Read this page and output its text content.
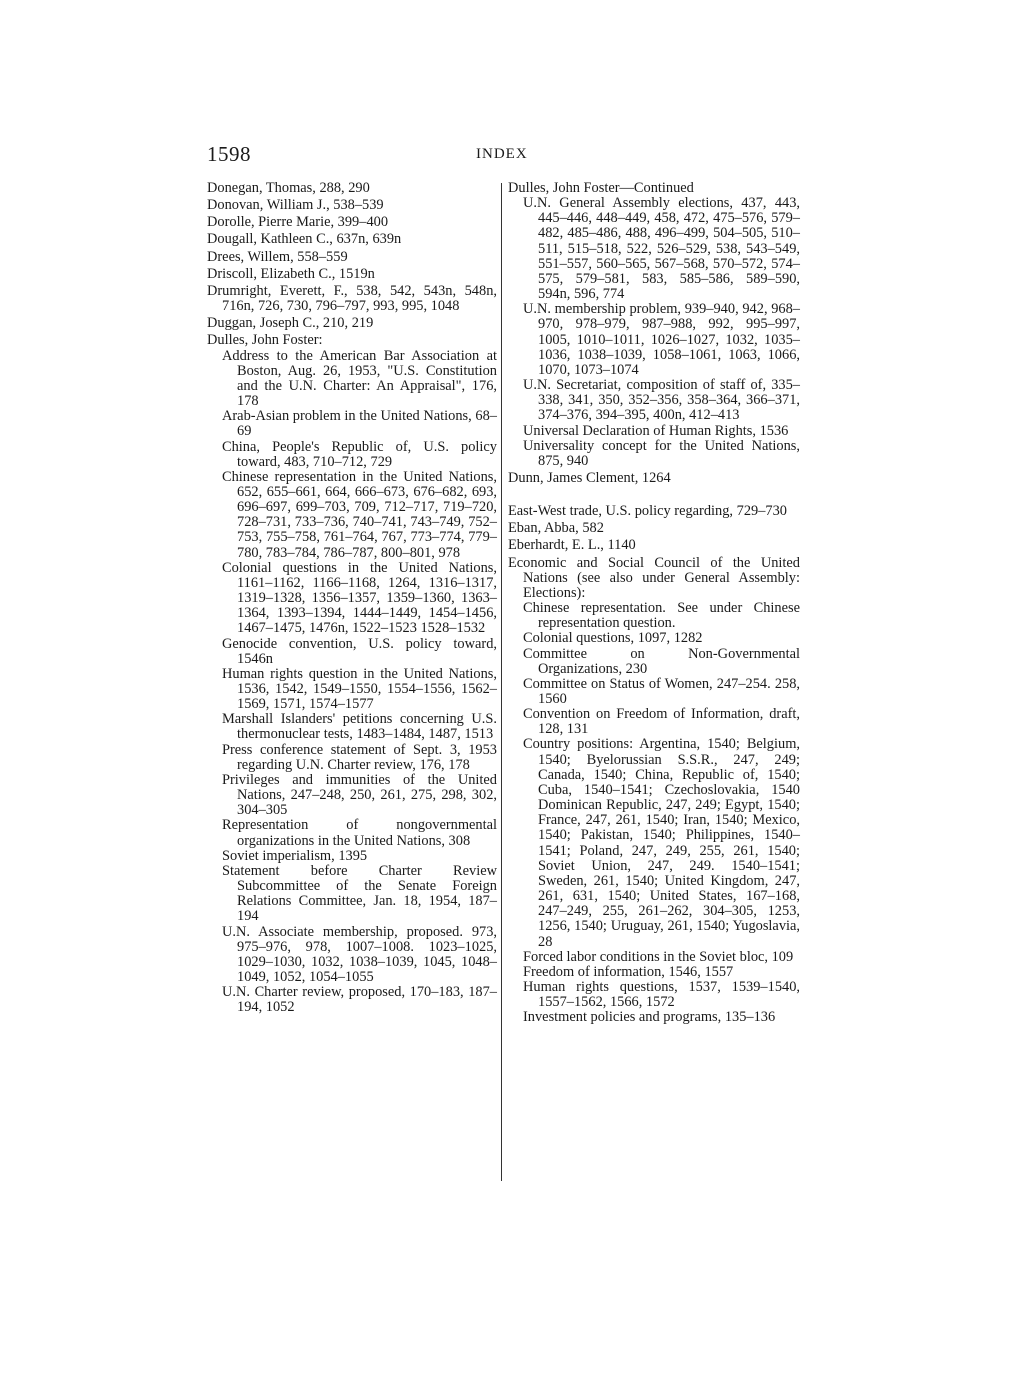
1598	INDEX

Donegan, Thomas, 288, 290

Donovan, William J., 538–539

Dorolle, Pierre Marie, 399–400

Dougall, Kathleen C., 637n, 639n

Drees, Willem, 558–559

Driscoll, Elizabeth C., 1519n

Drumright, Everett, F., 538, 542, 543n, 548n, 716n, 726, 730, 796–797, 993, 995, 1048

Duggan, Joseph C., 210, 219

Dulles, John Foster:

Address to the American Bar Association at Boston, Aug. 26, 1953, "U.S. Constitution and the U.N. Charter: An Appraisal", 176, 178

Arab-Asian problem in the United Nations, 68–69

China, People's Republic of, U.S. policy toward, 483, 710–712, 729

Chinese representation in the United Nations, 652, 655–661, 664, 666–673, 676–682, 693, 696–697, 699–703, 709, 712–717, 719–720, 728–731, 733–736, 740–741, 743–749, 752–753, 755–758, 761–764, 767, 773–774, 779–780, 783–784, 786–787, 800–801, 978

Colonial questions in the United Nations, 1161–1162, 1166–1168, 1264, 1316–1317, 1319–1328, 1356–1357, 1359–1360, 1363–1364, 1393–1394, 1444–1449, 1454–1456, 1467–1475, 1476n, 1522–1523 1528–1532

Genocide convention, U.S. policy toward, 1546n

Human rights question in the United Nations, 1536, 1542, 1549–1550, 1554–1556, 1562–1569, 1571, 1574–1577

Marshall Islanders' petitions concerning U.S. thermonuclear tests, 1483–1484, 1487, 1513

Press conference statement of Sept. 3, 1953 regarding U.N. Charter review, 176, 178

Privileges and immunities of the United Nations, 247–248, 250, 261, 275, 298, 302, 304–305

Representation of nongovernmental organizations in the United Nations, 308

Soviet imperialism, 1395

Statement before Charter Review Subcommittee of the Senate Foreign Relations Committee, Jan. 18, 1954, 187–194

U.N. Associate membership, proposed. 973, 975–976, 978, 1007–1008. 1023–1025, 1029–1030, 1032, 1038–1039, 1045, 1048–1049, 1052, 1054–1055

U.N. Charter review, proposed, 170–183, 187–194, 1052

Dulles, John Foster—Continued

U.N. General Assembly elections, 437, 443, 445–446, 448–449, 458, 472, 475–576, 579–482, 485–486, 488, 496–499, 504–505, 510–511, 515–518, 522, 526–529, 538, 543–549, 551–557, 560–565, 567–568, 570–572, 574–575, 579–581, 583, 585–586, 589–590, 594n, 596, 774

U.N. membership problem, 939–940, 942, 968–970, 978–979, 987–988, 992, 995–997, 1005, 1010–1011, 1026–1027, 1032, 1035–1036, 1038–1039, 1058–1061, 1063, 1066, 1070, 1073–1074

U.N. Secretariat, composition of staff of, 335–338, 341, 350, 352–356, 358–364, 366–371, 374–376, 394–395, 400n, 412–413

Universal Declaration of Human Rights, 1536

Universality concept for the United Nations, 875, 940

Dunn, James Clement, 1264

East-West trade, U.S. policy regarding, 729–730

Eban, Abba, 582

Eberhardt, E. L., 1140

Economic and Social Council of the United Nations (see also under General Assembly: Elections):

Chinese representation. See under Chinese representation question.

Colonial questions, 1097, 1282

Committee on Non-Governmental Organizations, 230

Committee on Status of Women, 247–254. 258, 1560

Convention on Freedom of Information, draft, 128, 131

Country positions: Argentina, 1540; Belgium, 1540; Byelorussian S.S.R., 247, 249; Canada, 1540; China, Republic of, 1540; Cuba, 1540–1541; Czechoslovakia, 1540 Dominican Republic, 247, 249; Egypt, 1540; France, 247, 261, 1540; Iran, 1540; Mexico, 1540; Pakistan, 1540; Philippines, 1540–1541; Poland, 247, 249, 255, 261, 1540; Soviet Union, 247, 249. 1540–1541; Sweden, 261, 1540; United Kingdom, 247, 261, 631, 1540; United States, 167–168, 247–249, 255, 261–262, 304–305, 1253, 1256, 1540; Uruguay, 261, 1540; Yugoslavia, 28

Forced labor conditions in the Soviet bloc, 109

Freedom of information, 1546, 1557

Human rights questions, 1537, 1539–1540, 1557–1562, 1566, 1572

Investment policies and programs, 135–136
